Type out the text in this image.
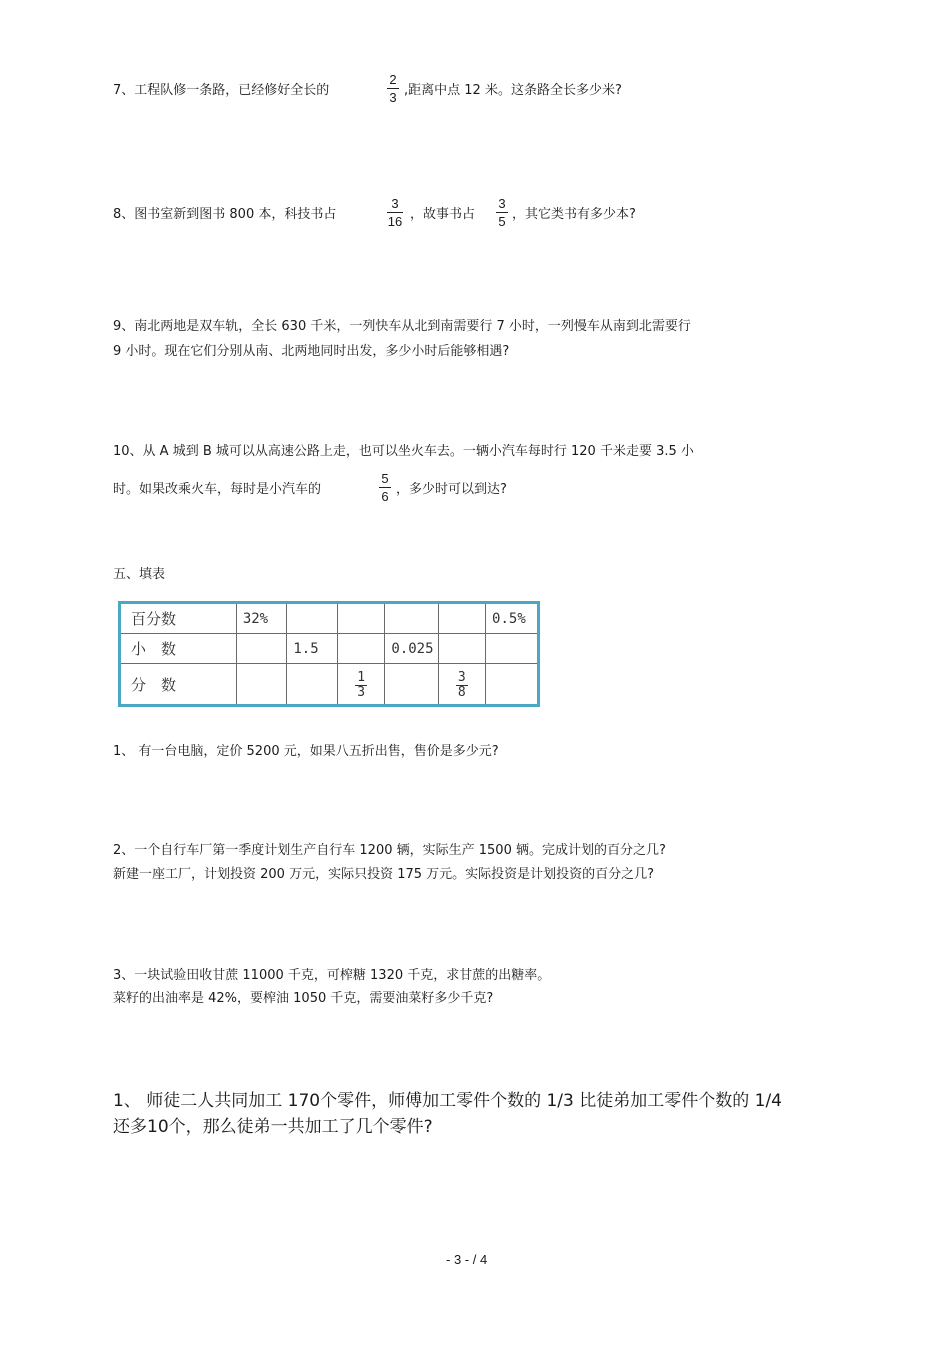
7、工程队修一条路，已经修好全长的
2
3 ,距离中点 12 米。这条路全长多少米?
8、图书室新到图书 800 本，科技书占
3
16 ，故事书占
3
5 ，其它类书有多少本?
9、南北两地是双车轨，全长 630 千米，一列快车从北到南需要行 7 小时，一列慢车从南到北需要行
9 小时。现在它们分别从南、北两地同时出发，多少小时后能够相遇?
10、从 A 城到 B 城可以从高速公路上走，也可以坐火车去。一辆小汽车每时行 120 千米走要 3.5 小
时。如果改乘火车，每时是小汽车的
5
6 ，多少时可以到达?
五、填表
百分数	32%					0.5%
小　数		1.5		0.025		
分　数			$\frac{1}{3}$		$\frac{3}{8}$

1、 有一台电脑，定价 5200 元，如果八五折出售，售价是多少元?
2、一个自行车厂第一季度计划生产自行车 1200 辆，实际生产 1500 辆。完成计划的百分之几?
新建一座工厂，计划投资 200 万元，实际只投资 175 万元。实际投资是计划投资的百分之几?
3、一块试验田收甘蔗 11000 千克，可榨糖 1320 千克，求甘蔗的出糖率。
菜籽的出油率是 42%，要榨油 1050 千克，需要油菜籽多少千克?
1、 师徒二人共同加工 170个零件，师傅加工零件个数的 1/3 比徒弟加工零件个数的 1/4
还多10个，那么徒弟一共加工了几个零件?
- 3 - / 4
